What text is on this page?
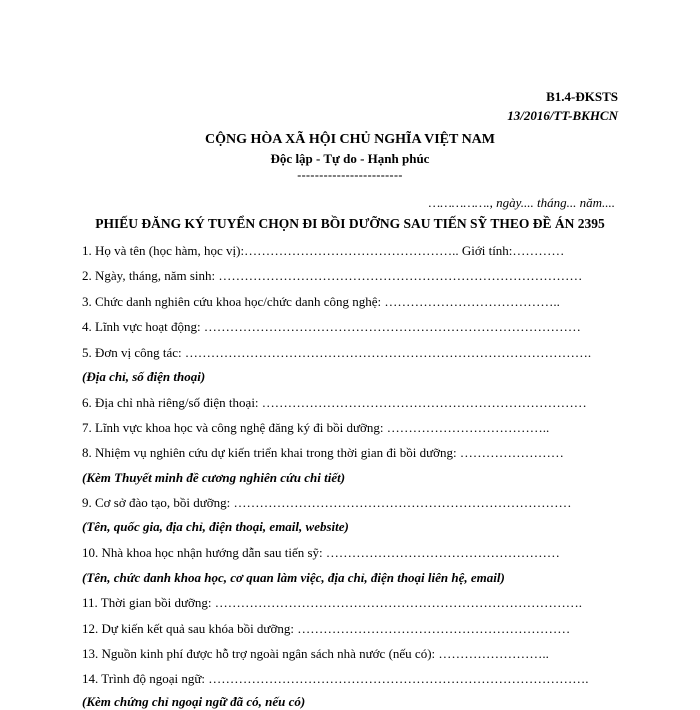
B1.4-ĐKSTS
13/2016/TT-BKHCN
CỘNG HÒA XÃ HỘI CHỦ NGHĨA VIỆT NAM
Độc lập - Tự do - Hạnh phúc
------------------------
……………., ngày.... tháng... năm....
PHIẾU ĐĂNG KÝ TUYỂN CHỌN ĐI BỒI DƯỠNG SAU TIẾN SỸ THEO ĐỀ ÁN 2395
1. Họ và tên (học hàm, học vị):………………………………………….. Giới tính:…………
2. Ngày, tháng, năm sinh: …………………………………………………………………………
3. Chức danh nghiên cứu khoa học/chức danh công nghệ: …………………………………..
4. Lĩnh vực hoạt động: ……………………………………………………………………………
5. Đơn vị công tác: ………………………………………………………………………………….
(Địa chỉ, số điện thoại)
6. Địa chỉ nhà riêng/số điện thoại: …………………………………………………………………
7. Lĩnh vực khoa học và công nghệ đăng ký đi bồi dưỡng: ………………………………..
8. Nhiệm vụ nghiên cứu dự kiến triển khai trong thời gian đi bồi dưỡng: ……………………
(Kèm Thuyết minh đề cương nghiên cứu chi tiết)
9. Cơ sở đào tạo, bồi dưỡng: ……………………………………………………………………
(Tên, quốc gia, địa chỉ, điện thoại, email, website)
10. Nhà khoa học nhận hướng dẫn sau tiến sỹ: ………………………………………………
(Tên, chức danh khoa học, cơ quan làm việc, địa chỉ, điện thoại liên hệ, email)
11. Thời gian bồi dưỡng: ………………………………………………………………………….
12. Dự kiến kết quả sau khóa bồi dưỡng: ………………………………………………………
13. Nguồn kinh phí được hỗ trợ ngoài ngân sách nhà nước (nếu có): ……………………..
14. Trình độ ngoại ngữ: …………………………………………………………………………….
(Kèm chứng chỉ ngoại ngữ đã có, nếu có)
